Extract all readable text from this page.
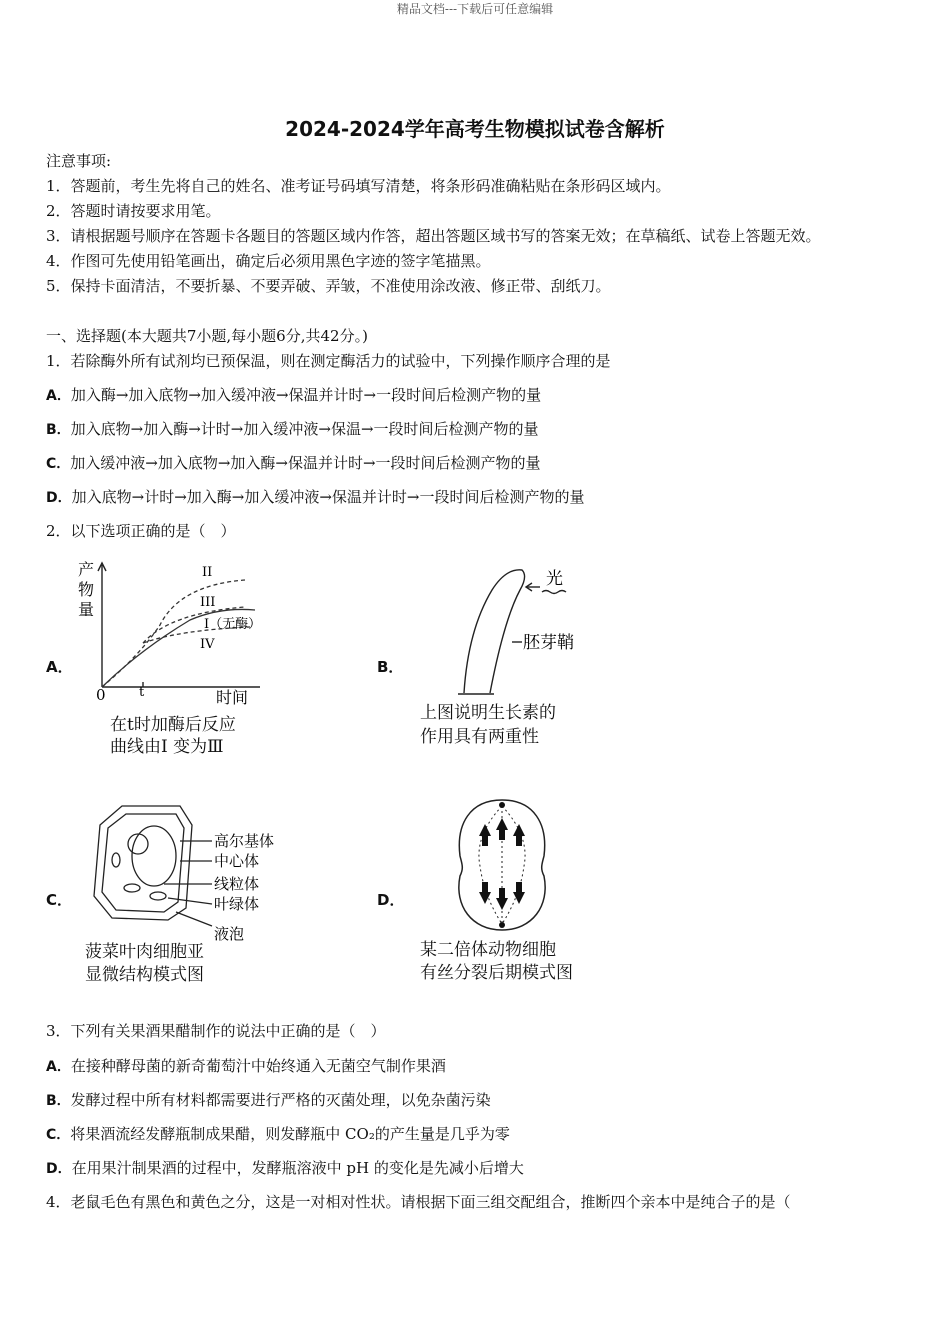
精品文档---下载后可任意编辑
2024-2024学年高考生物模拟试卷含解析
注意事项:
1．答题前，考生先将自己的姓名、准考证号码填写清楚，将条形码准确粘贴在条形码区域内。
2．答题时请按要求用笔。
3．请根据题号顺序在答题卡各题目的答题区域内作答，超出答题区域书写的答案无效；在草稿纸、试卷上答题无效。
4．作图可先使用铅笔画出，确定后必须用黑色字迹的签字笔描黑。
5．保持卡面清洁，不要折暴、不要弄破、弄皱，不准使用涂改液、修正带、刮纸刀。
一、选择题(本大题共7小题,每小题6分,共42分。)
1．若除酶外所有试剂均已预保温，则在测定酶活力的试验中，下列操作顺序合理的是
A．加入酶→加入底物→加入缓冲液→保温并计时→一段时间后检测产物的量
B．加入底物→加入酶→计时→加入缓冲液→保温→一段时间后检测产物的量
C．加入缓冲液→加入底物→加入酶→保温并计时→一段时间后检测产物的量
D．加入底物→计时→加入酶→加入缓冲液→保温并计时→一段时间后检测产物的量
2．以下选项正确的是（　）
A．	B．
C．	D．
产
物
量
II
III
I（无酶）
IV
0	t	时间
在t时加酶后反应
曲线由Ⅰ 变为Ⅲ
光
胚芽鞘
上图说明生长素的
作用具有两重性
高尔基体
中心体
线粒体
叶绿体
液泡
菠菜叶肉细胞亚
显微结构模式图
某二倍体动物细胞
有丝分裂后期模式图
3．下列有关果酒果醋制作的说法中正确的是（　）
A．在接种酵母菌的新奇葡萄汁中始终通入无菌空气制作果酒
B．发酵过程中所有材料都需要进行严格的灭菌处理，以免杂菌污染
C．将果酒流经发酵瓶制成果醋，则发酵瓶中 CO₂的产生量是几乎为零
D．在用果汁制果酒的过程中，发酵瓶溶液中 pH 的变化是先减小后增大
4．老鼠毛色有黑色和黄色之分，这是一对相对性状。请根据下面三组交配组合，推断四个亲本中是纯合子的是（
